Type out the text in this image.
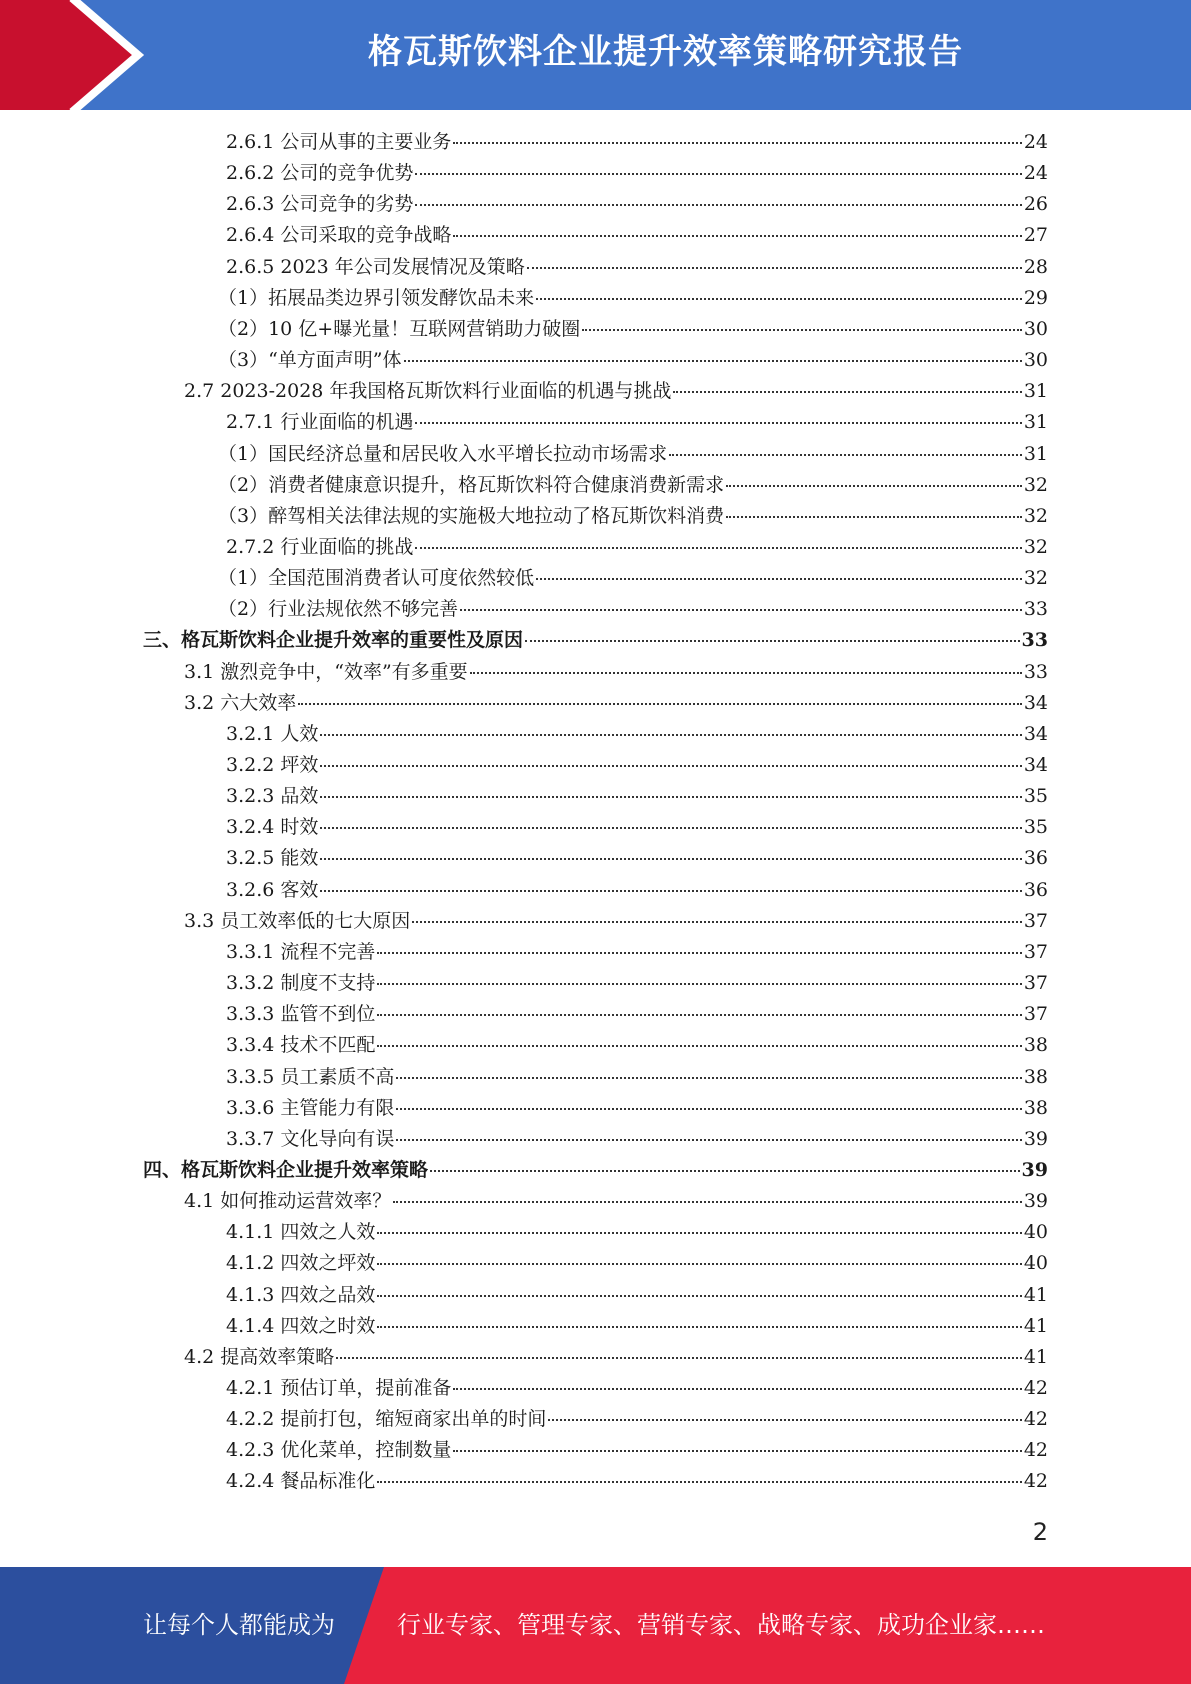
格瓦斯饮料企业提升效率策略研究报告
2.6.1 公司从事的主要业务	24
2.6.2 公司的竞争优势	24
2.6.3 公司竞争的劣势	26
2.6.4 公司采取的竞争战略	27
2.6.5 2023 年公司发展情况及策略	28
（1）拓展品类边界引领发酵饮品未来	29
（2）10 亿+曝光量！互联网营销助力破圈	30
（3）“单方面声明”体	30
2.7 2023-2028 年我国格瓦斯饮料行业面临的机遇与挑战	31
2.7.1 行业面临的机遇	31
（1）国民经济总量和居民收入水平增长拉动市场需求	31
（2）消费者健康意识提升，格瓦斯饮料符合健康消费新需求	32
（3）醉驾相关法律法规的实施极大地拉动了格瓦斯饮料消费	32
2.7.2 行业面临的挑战	32
（1）全国范围消费者认可度依然较低	32
（2）行业法规依然不够完善	33
三、格瓦斯饮料企业提升效率的重要性及原因	33
3.1 激烈竞争中，“效率”有多重要	33
3.2 六大效率	34
3.2.1 人效	34
3.2.2 坪效	34
3.2.3 品效	35
3.2.4 时效	35
3.2.5 能效	36
3.2.6 客效	36
3.3 员工效率低的七大原因	37
3.3.1 流程不完善	37
3.3.2 制度不支持	37
3.3.3 监管不到位	37
3.3.4 技术不匹配	38
3.3.5 员工素质不高	38
3.3.6 主管能力有限	38
3.3.7 文化导向有误	39
四、格瓦斯饮料企业提升效率策略	39
4.1 如何推动运营效率？	39
4.1.1 四效之人效	40
4.1.2 四效之坪效	40
4.1.3 四效之品效	41
4.1.4 四效之时效	41
4.2 提高效率策略	41
4.2.1 预估订单，提前准备	42
4.2.2 提前打包，缩短商家出单的时间	42
4.2.3 优化菜单，控制数量	42
4.2.4 餐品标准化	42
2
让每个人都能成为	行业专家、管理专家、营销专家、战略专家、成功企业家……
